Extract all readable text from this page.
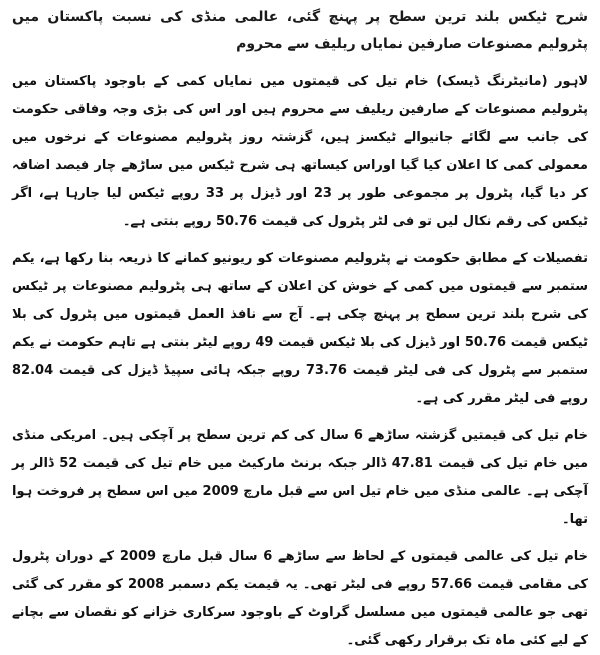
شرح ٹیکس بلند ترین سطح پر پہنچ گئی، عالمی منڈی کی نسبت پاکستان میں پٹرولیم مصنوعات صارفین نمایاں ریلیف سے محروم

لاہور (مانیٹرنگ ڈیسک) خام تیل کی قیمتوں میں نمایاں کمی کے باوجود پاکستان میں پٹرولیم مصنوعات کے صارفین ریلیف سے محروم ہیں اور اس کی بڑی وجہ وفاقی حکومت کی جانب سے لگائے جانیوالے ٹیکسز ہیں، گزشتہ روز پٹرولیم مصنوعات کے نرخوں میں معمولی کمی کا اعلان کیا گیا اوراس کیساتھ ہی شرح ٹیکس میں ساڑھے چار فیصد اضافہ کر دیا گیا، پٹرول پر مجموعی طور پر 23 اور ڈیزل پر 33 روپے ٹیکس لیا جارہا ہے، اگر ٹیکس کی رقم نکال لیں تو فی لٹر پٹرول کی قیمت 50.76 روپے بنتی ہے۔

تفصیلات کے مطابق حکومت نے پٹرولیم مصنوعات کو ریونیو کمانے کا ذریعہ بنا رکھا ہے، یکم ستمبر سے قیمتوں میں کمی کے خوش کن اعلان کے ساتھ ہی پٹرولیم مصنوعات پر ٹیکس کی شرح بلند ترین سطح پر پہنچ چکی ہے۔ آج سے نافذ العمل قیمتوں میں پٹرول کی بلا ٹیکس قیمت 50.76 اور ڈیزل کی بلا ٹیکس قیمت 49 روپے لیٹر بنتی ہے تاہم حکومت نے یکم ستمبر سے پٹرول کی فی لیٹر قیمت 73.76 روپے جبکہ ہائی سپیڈ ڈیزل کی قیمت 82.04 روپے فی لیٹر مقرر کی ہے۔

خام تیل کی قیمتیں گزشتہ ساڑھے 6 سال کی کم ترین سطح پر آچکی ہیں۔ امریکی منڈی میں خام تیل کی قیمت 47.81 ڈالر جبکہ برنٹ مارکیٹ میں خام تیل کی قیمت 52 ڈالر پر آچکی ہے۔ عالمی منڈی میں خام تیل اس سے قبل مارچ 2009 میں اس سطح پر فروخت ہوا تھا۔

خام تیل کی عالمی قیمتوں کے لحاظ سے ساڑھے 6 سال قبل مارچ 2009 کے دوران پٹرول کی مقامی قیمت 57.66 روپے فی لیٹر تھی۔ یہ قیمت یکم دسمبر 2008 کو مقرر کی گئی تھی جو عالمی قیمتوں میں مسلسل گراوٹ کے باوجود سرکاری خزانے کو نقصان سے بچانے کے لیے کئی ماہ تک برقرار رکھی گئی۔
